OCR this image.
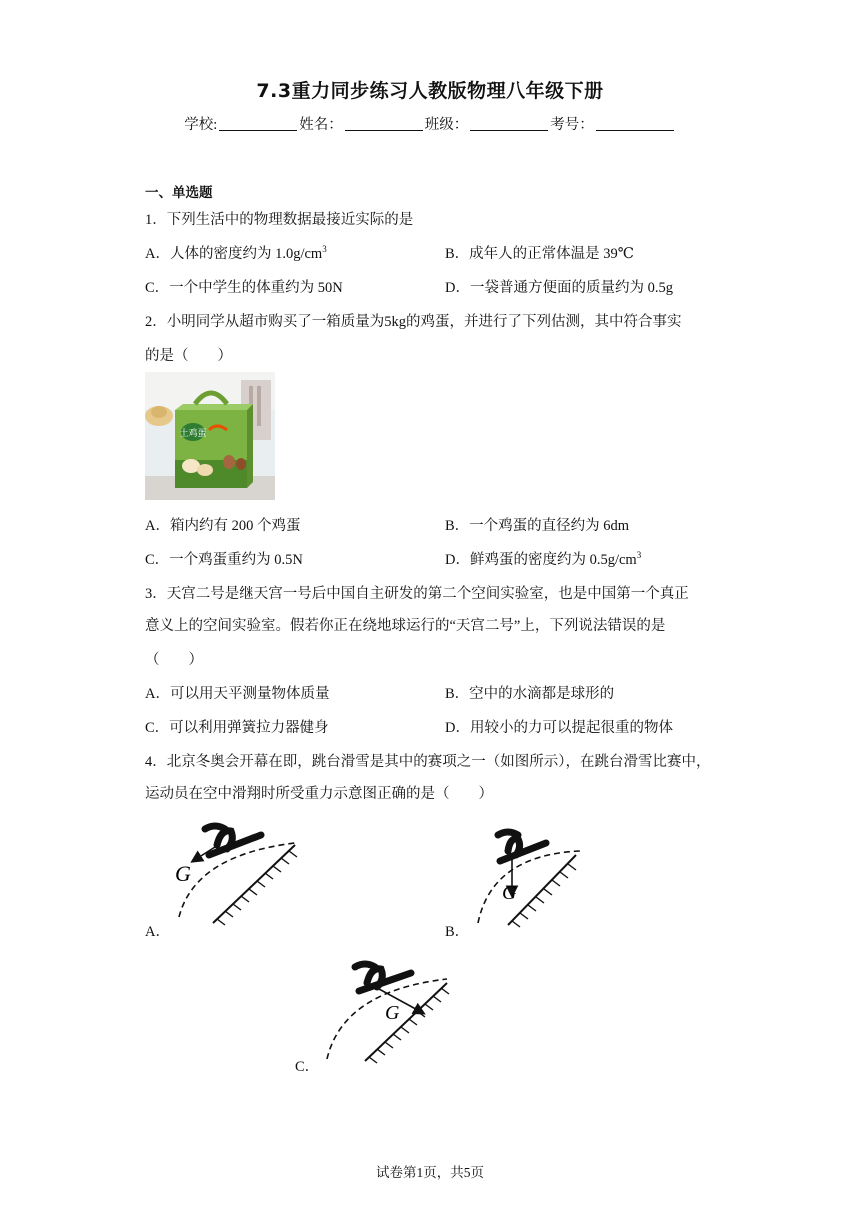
7.3重力同步练习人教版物理八年级下册
学校:	姓名：	班级：	考号：
一、单选题
1．下列生活中的物理数据最接近实际的是
A．人体的密度约为 $1.0g/cm^3$	B．成年人的正常体温是 39℃
C．一个中学生的体重约为 50N	D．一袋普通方便面的质量约为 0.5g
2．小明同学从超市购买了一箱质量为5kg的鸡蛋，并进行了下列估测，其中符合事实
的是（　　）
土鸡蛋
A．箱内约有 200 个鸡蛋	B．一个鸡蛋的直径约为 6dm
C．一个鸡蛋重约为 0.5N	D．鲜鸡蛋的密度约为 $0.5g/cm^3$
3．天宫二号是继天宫一号后中国自主研发的第二个空间实验室，也是中国第一个真正
意义上的空间实验室。假若你正在绕地球运行的“天宫二号”上，下列说法错误的是
（　　）
A．可以用天平测量物体质量	B．空中的水滴都是球形的
C．可以利用弹簧拉力器健身	D．用较小的力可以提起很重的物体
4．北京冬奥会开幕在即，跳台滑雪是其中的赛项之一（如图所示），在跳台滑雪比赛中，
运动员在空中滑翔时所受重力示意图正确的是（　　）
A．
G
B．
G
C．
G
试卷第1页，共5页
